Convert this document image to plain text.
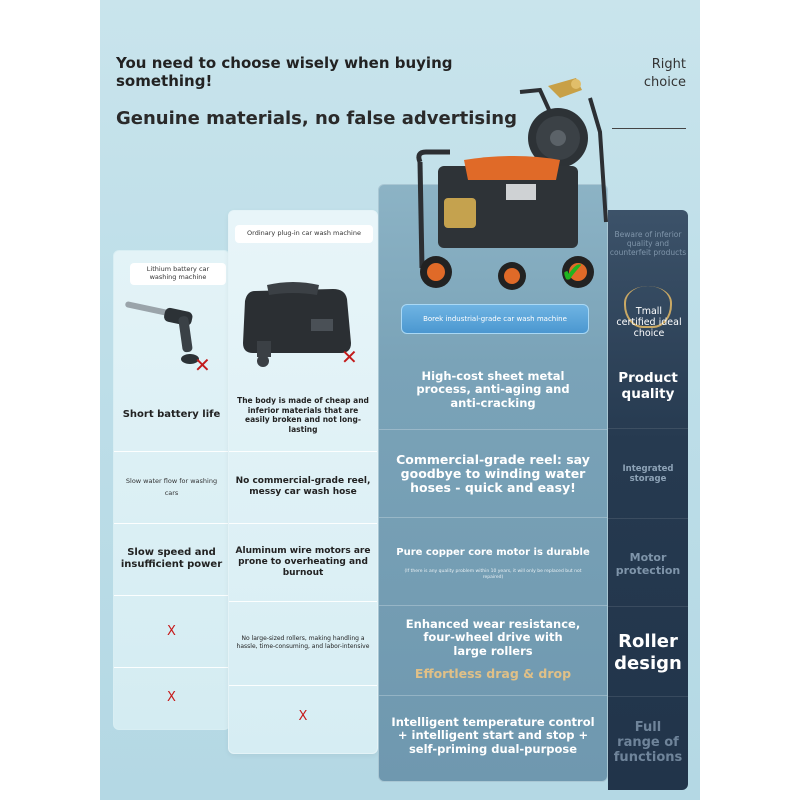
You need to choose wisely when buying something!
Genuine materials, no false advertising
Right choice
Lithium battery car washing machine
✕
Short battery life
Slow water flow for washing cars
Slow speed and insufficient power
X
X
Ordinary plug-in car wash machine
✕
The body is made of cheap and inferior materials that are easily broken and not long-lasting
No commercial-grade reel, messy car wash hose
Aluminum wire motors are prone to overheating and burnout
No large-sized rollers, making handling a hassle, time-consuming, and labor-intensive
X
Borek industrial-grade car wash machine
High-cost sheet metal process, anti-aging and anti-cracking
Commercial-grade reel: say goodbye to winding water hoses - quick and easy!
Pure copper core motor is durable
(If there is any quality problem within 10 years, it will only be replaced but not repaired)
Enhanced wear resistance, four-wheel drive with large rollers
Effortless drag & drop
Intelligent temperature control + intelligent start and stop + self-priming dual-purpose
Beware of inferior quality and counterfeit products
Tmall certified ideal choice
Product quality
Integrated storage
Motor protection
Roller design
Full range of functions
✔
